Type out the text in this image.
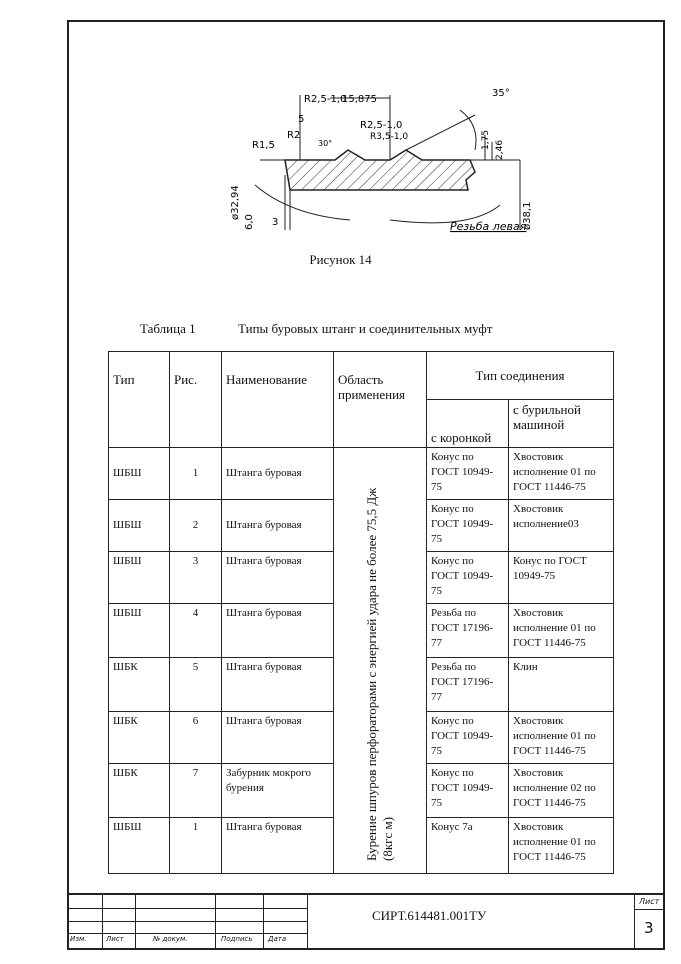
R2,5-1,0
15,875
35°
R2,5-1,0
R3,5-1,0
R2
R1,5
5
30°	1,75 2,46
ø32,94	ø38,1
6,0 3	Резьба левая
Рисунок 14
Таблица 1	Типы буровых штанг и соединительных муфт
Тип	Рис.	Наименование	Область применения	Тип соединения	
				с коронкой	с бурильной машиной
ШБШ	1	Штанга буровая	Бурение шпуров перфораторами с энергией удара не более 75,5 Дж (8кгс м)	Конус по ГОСТ 10949-75	Хвостовик исполнение 01 по ГОСТ 11446-75
ШБШ	2	Штанга буровая		Конус по ГОСТ 10949-75	Хвостовик исполнение03
ШБШ	3	Штанга буровая		Конус по ГОСТ 10949-75	Конус по ГОСТ 10949-75
ШБШ	4	Штанга буровая		Резьба по ГОСТ 17196-77	Хвостовик исполнение 01 по ГОСТ 11446-75
ШБК	5	Штанга буровая		Резьба по ГОСТ 17196-77	Клин
ШБК	6	Штанга буровая		Конус по ГОСТ 10949-75	Хвостовик исполнение 01 по ГОСТ 11446-75
ШБК	7	Забурник мокрого бурения		Конус по ГОСТ 10949-75	Хвостовик исполнение 02 по ГОСТ 11446-75
ШБШ	1	Штанга буровая		Конус 7а	Хвостовик исполнение 01 по ГОСТ 11446-75
Изм.	Лист	№ докум.	Подпись Дата
СИРТ.614481.001ТУ
Лист
3
